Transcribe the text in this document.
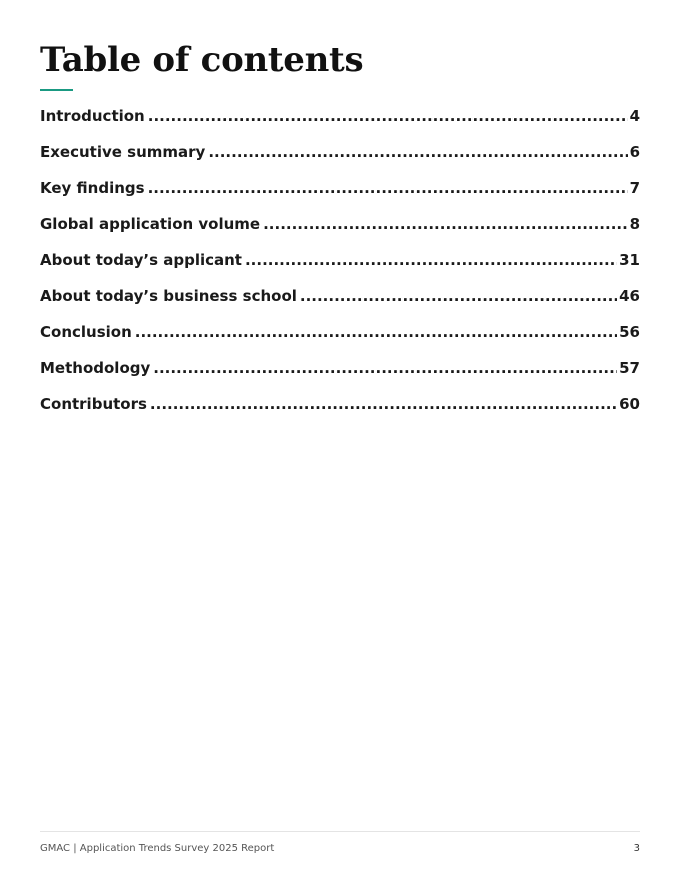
Table of contents
Introduction .....	4
Executive summary .....	6
Key findings .....	7
Global application volume .....	8
About today’s applicant .....	31
About today’s business school .....	46
Conclusion .....	56
Methodology .....	57
Contributors .....	60
GMAC | Application Trends Survey 2025 Report	3
